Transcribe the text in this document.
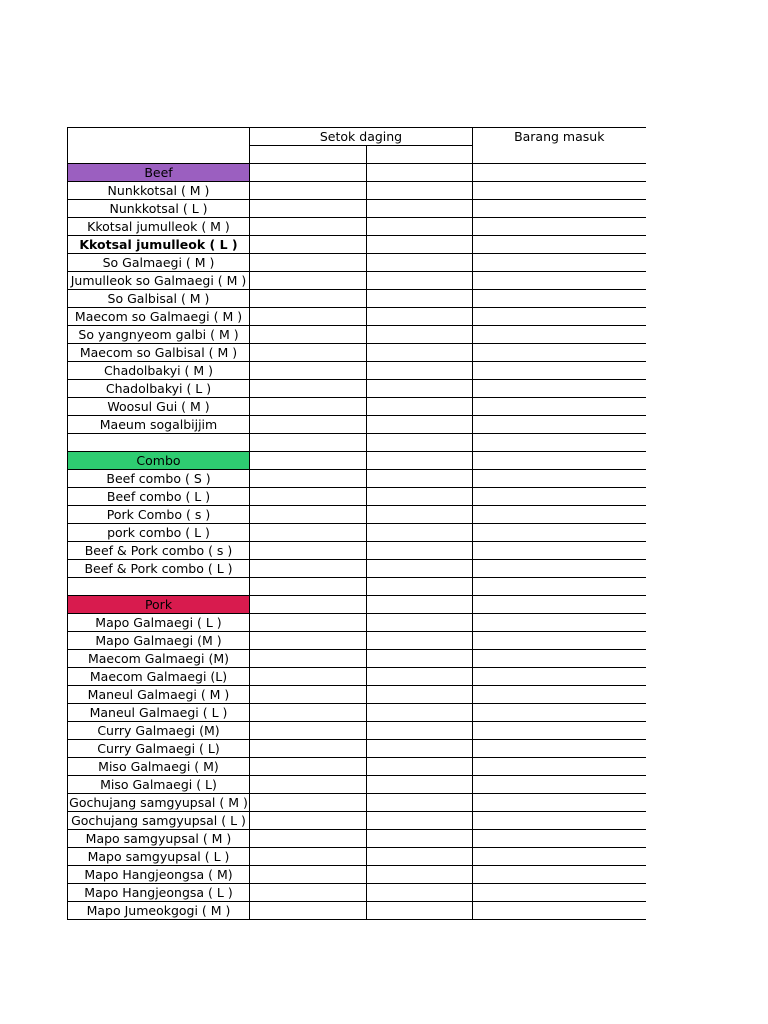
	Setok daging		Barang masuk

Beef			
Nunkkotsal ( M )			
Nunkkotsal ( L )			
Kkotsal jumulleok ( M )			
Kkotsal jumulleok ( L )			
So Galmaegi ( M )			
Jumulleok so Galmaegi ( M )			
So Galbisal ( M )			
Maecom so Galmaegi ( M )			
So yangnyeom galbi ( M )			
Maecom so Galbisal ( M )			
Chadolbakyi ( M )			
Chadolbakyi ( L )			
Woosul Gui ( M )			
Maeum sogalbijjim			

Combo			
Beef combo ( S )			
Beef combo ( L )			
Pork Combo ( s )			
pork combo ( L )			
Beef & Pork combo ( s )			
Beef & Pork combo ( L )			

Pork			
Mapo Galmaegi ( L )			
Mapo Galmaegi (M )			
Maecom Galmaegi (M)			
Maecom Galmaegi (L)			
Maneul Galmaegi ( M )			
Maneul Galmaegi ( L )			
Curry Galmaegi (M)			
Curry Galmaegi ( L)			
Miso Galmaegi ( M)			
Miso Galmaegi ( L)			
Gochujang samgyupsal ( M )			
Gochujang samgyupsal ( L )			
Mapo samgyupsal ( M )			
Mapo samgyupsal ( L )			
Mapo Hangjeongsa ( M)			
Mapo Hangjeongsa ( L )			
Mapo Jumeokgogi ( M )			
